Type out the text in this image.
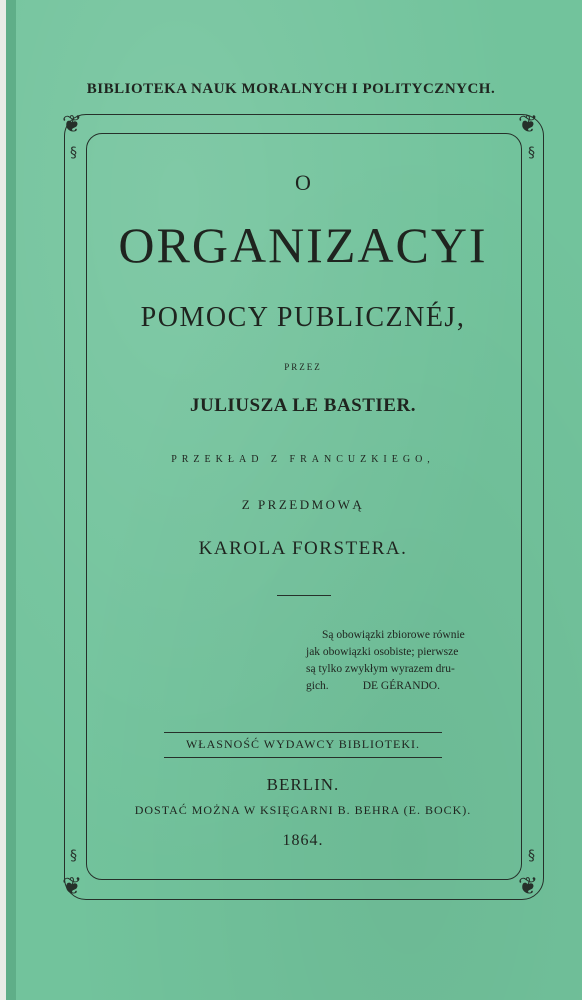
BIBLIOTEKA NAUK MORALNYCH I POLITYCZNYCH.
❦	❦
❦	❦
§	§
§	§
O
ORGANIZACYI
POMOCY PUBLICZNÉJ,
PRZEZ
JULIUSZA LE BASTIER.
PRZEKŁAD Z FRANCUZKIEGO,
Z PRZEDMOWĄ
KAROLA FORSTERA.
Są obowiązki zbiorowe równie
jak obowiązki osobiste; pierwsze
są tylko zwykłym wyrazem dru-
gich.	DE GÉRANDO.
WŁASNOŚĆ WYDAWCY BIBLIOTEKI.
BERLIN.
DOSTAĆ MOŻNA W KSIĘGARNI B. BEHRA (E. BOCK).
1864.
